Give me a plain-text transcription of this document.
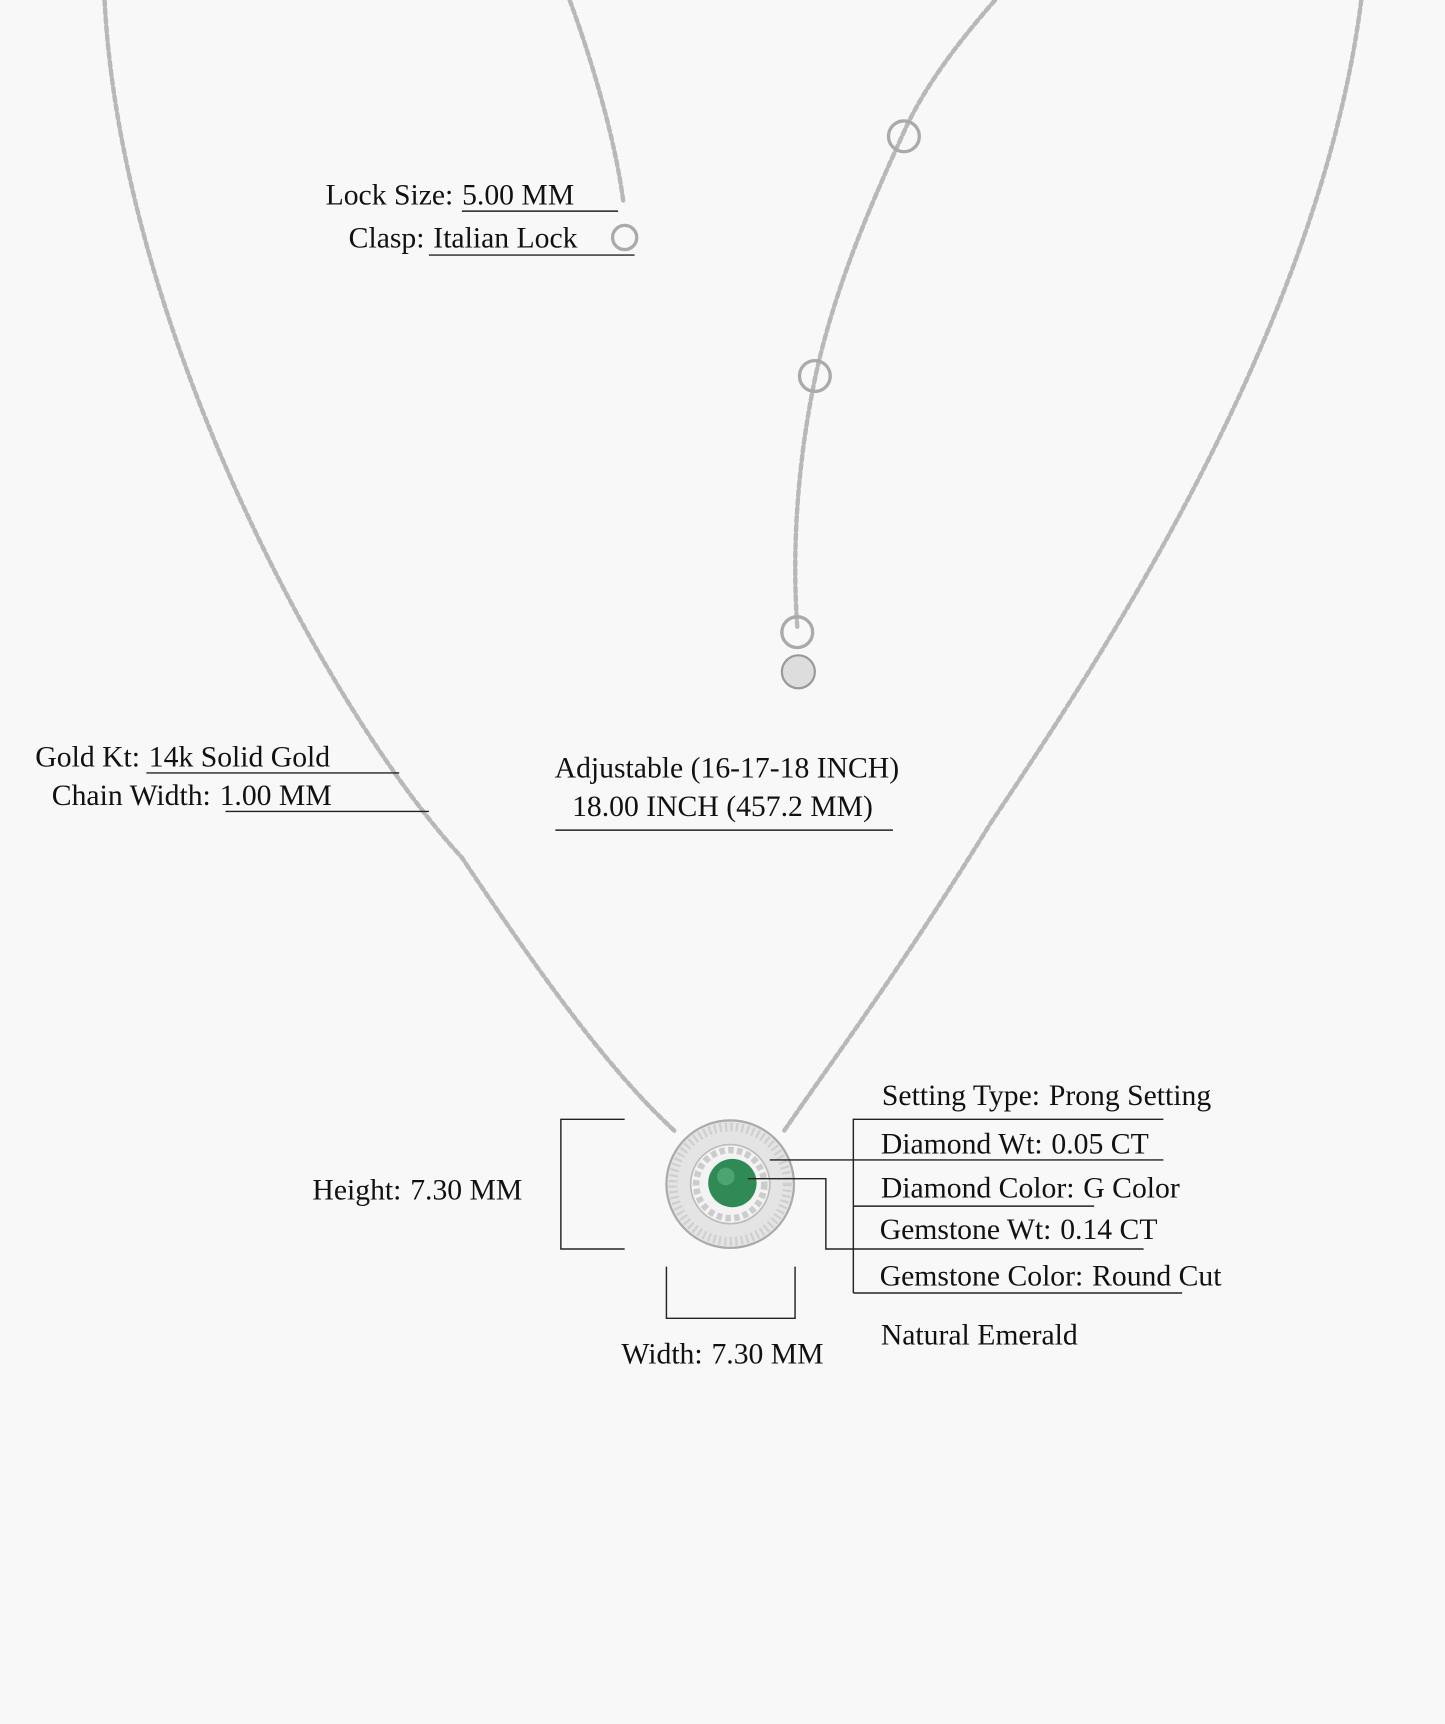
Lock Size: 5.00 MM
Clasp: Italian Lock
Gold Kt: 14k Solid Gold
Chain Width: 1.00 MM
Adjustable (16-17-18 INCH)
18.00 INCH (457.2 MM)
Height: 7.30 MM
Width: 7.30 MM
Setting Type: Prong Setting
Diamond Wt: 0.05 CT
Diamond Color: G Color
Gemstone Wt: 0.14 CT
Gemstone Color: Round Cut
Natural Emerald
